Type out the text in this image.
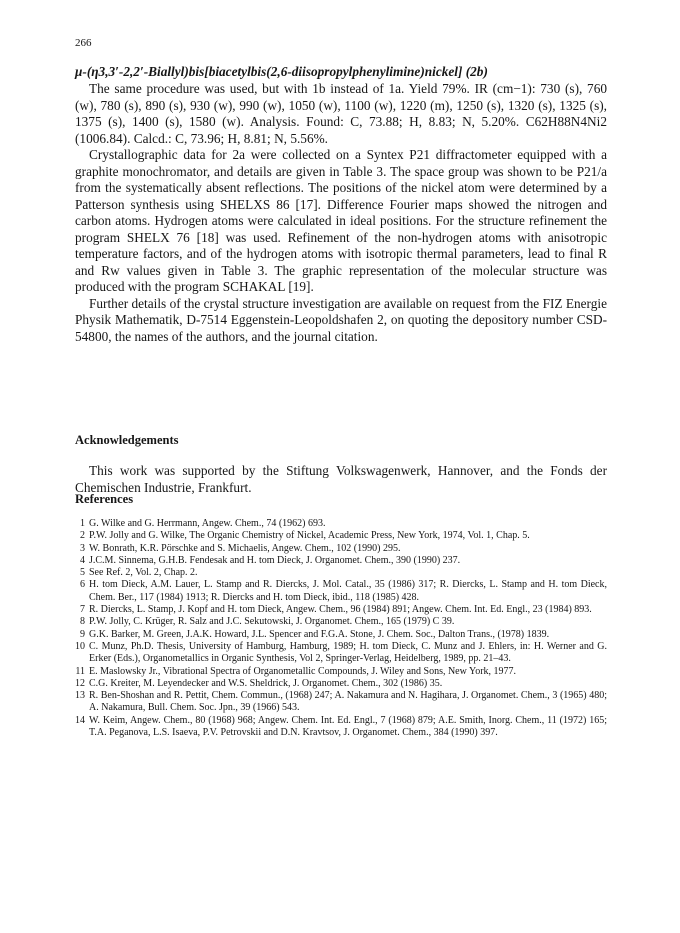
266
μ-(η3,3′-2,2′-Biallyl)bis[biacetylbis(2,6-diisopropylphenylimine)nickel] (2b)

The same procedure was used, but with 1b instead of 1a. Yield 79%. IR (cm−1): 730 (s), 760 (w), 780 (s), 890 (s), 930 (w), 990 (w), 1050 (w), 1100 (w), 1220 (m), 1250 (s), 1320 (s), 1325 (s), 1375 (s), 1400 (s), 1580 (w). Analysis. Found: C, 73.88; H, 8.83; N, 5.20%. C62H88N4Ni2 (1006.84). Calcd.: C, 73.96; H, 8.81; N, 5.56%.

Crystallographic data for 2a were collected on a Syntex P21 diffractometer equipped with a graphite monochromator, and details are given in Table 3. The space group was shown to be P21/a from the systematically absent reflections. The positions of the nickel atom were determined by a Patterson synthesis using SHELXS 86 [17]. Difference Fourier maps showed the nitrogen and carbon atoms. Hydrogen atoms were calculated in ideal positions. For the structure refinement the program SHELX 76 [18] was used. Refinement of the non-hydrogen atoms with anisotropic temperature factors, and of the hydrogen atoms with isotropic thermal parameters, lead to final R and Rw values given in Table 3. The graphic representation of the molecular structure was produced with the program SCHAKAL [19].

Further details of the crystal structure investigation are available on request from the FIZ Energie Physik Mathematik, D-7514 Eggenstein-Leopoldshafen 2, on quoting the depository number CSD-54800, the names of the authors, and the journal citation.

Acknowledgements

This work was supported by the Stiftung Volkswagenwerk, Hannover, and the Fonds der Chemischen Industrie, Frankfurt.

References
1 G. Wilke and G. Herrmann, Angew. Chem., 74 (1962) 693.
2 P.W. Jolly and G. Wilke, The Organic Chemistry of Nickel, Academic Press, New York, 1974, Vol. 1, Chap. 5.
3 W. Bonrath, K.R. Pörschke and S. Michaelis, Angew. Chem., 102 (1990) 295.
4 J.C.M. Sinnema, G.H.B. Fendesak and H. tom Dieck, J. Organomet. Chem., 390 (1990) 237.
5 See Ref. 2, Vol. 2, Chap. 2.
6 H. tom Dieck, A.M. Lauer, L. Stamp and R. Diercks, J. Mol. Catal., 35 (1986) 317; R. Diercks, L. Stamp and H. tom Dieck, Chem. Ber., 117 (1984) 1913; R. Diercks and H. tom Dieck, ibid., 118 (1985) 428.
7 R. Diercks, L. Stamp, J. Kopf and H. tom Dieck, Angew. Chem., 96 (1984) 891; Angew. Chem. Int. Ed. Engl., 23 (1984) 893.
8 P.W. Jolly, C. Krüger, R. Salz and J.C. Sekutowski, J. Organomet. Chem., 165 (1979) C 39.
9 G.K. Barker, M. Green, J.A.K. Howard, J.L. Spencer and F.G.A. Stone, J. Chem. Soc., Dalton Trans., (1978) 1839.
10 C. Munz, Ph.D. Thesis, University of Hamburg, Hamburg, 1989; H. tom Dieck, C. Munz and J. Ehlers, in: H. Werner and G. Erker (Eds.), Organometallics in Organic Synthesis, Vol 2, Springer-Verlag, Heidelberg, 1989, pp. 21–43.
11 E. Maslowsky Jr., Vibrational Spectra of Organometallic Compounds, J. Wiley and Sons, New York, 1977.
12 C.G. Kreiter, M. Leyendecker and W.S. Sheldrick, J. Organomet. Chem., 302 (1986) 35.
13 R. Ben-Shoshan and R. Pettit, Chem. Commun., (1968) 247; A. Nakamura and N. Hagihara, J. Organomet. Chem., 3 (1965) 480; A. Nakamura, Bull. Chem. Soc. Jpn., 39 (1966) 543.
14 W. Keim, Angew. Chem., 80 (1968) 968; Angew. Chem. Int. Ed. Engl., 7 (1968) 879; A.E. Smith, Inorg. Chem., 11 (1972) 165; T.A. Peganova, L.S. Isaeva, P.V. Petrovskii and D.N. Kravtsov, J. Organomet. Chem., 384 (1990) 397.
